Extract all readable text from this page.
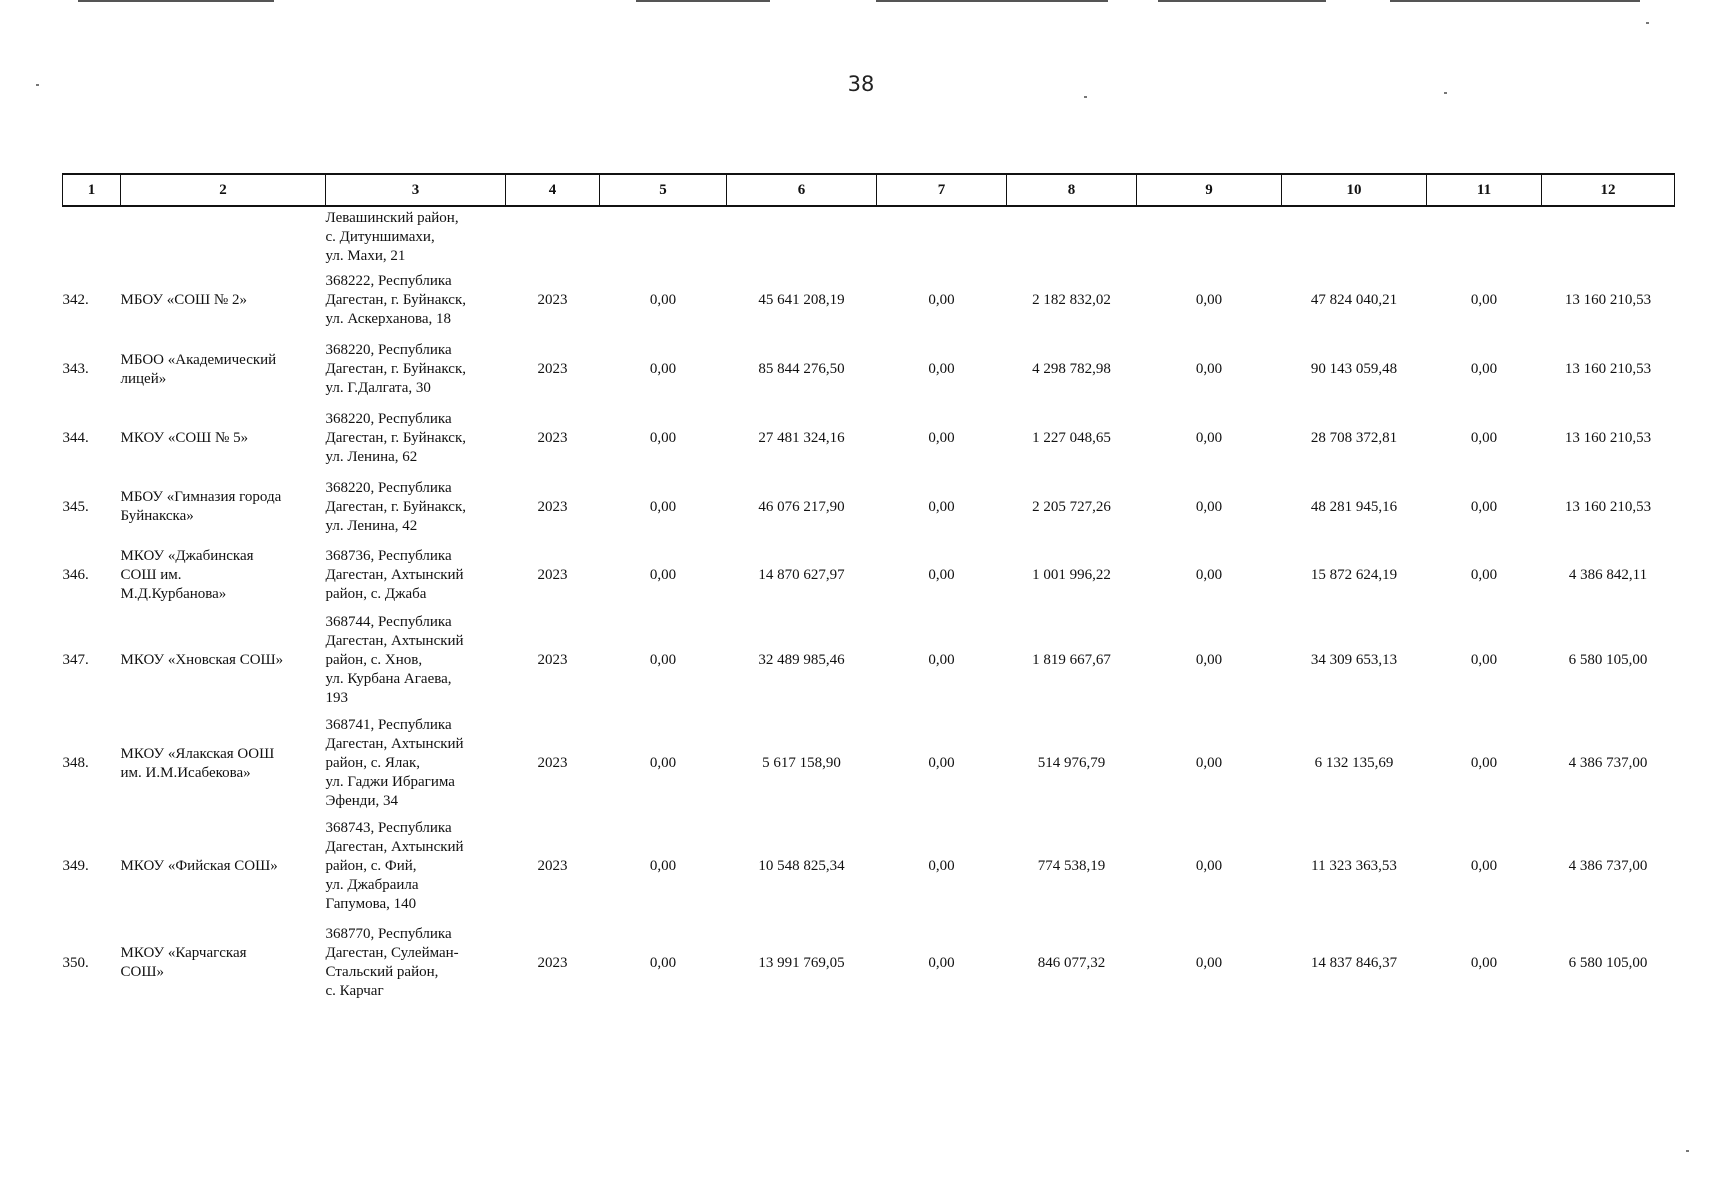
38
1	2	3	4	5	6	7	8	9	10	11	12

		Левашинский район,
с. Дитуншимахи,
ул. Махи, 21									

342.	МБОУ «СОШ № 2»	368222, Республика
Дагестан, г. Буйнакск,
ул. Аскерханова, 18	2023	0,00	45 641 208,19	0,00	2 182 832,02	0,00	47 824 040,21	0,00	13 160 210,53
343.	МБОО «Академический
лицей»	368220, Республика
Дагестан, г. Буйнакск,
ул. Г.Далгата, 30	2023	0,00	85 844 276,50	0,00	4 298 782,98	0,00	90 143 059,48	0,00	13 160 210,53
344.	МКОУ «СОШ № 5»	368220, Республика
Дагестан, г. Буйнакск,
ул. Ленина, 62	2023	0,00	27 481 324,16	0,00	1 227 048,65	0,00	28 708 372,81	0,00	13 160 210,53
345.	МБОУ «Гимназия города
Буйнакска»	368220, Республика
Дагестан, г. Буйнакск,
ул. Ленина, 42	2023	0,00	46 076 217,90	0,00	2 205 727,26	0,00	48 281 945,16	0,00	13 160 210,53
346.	МКОУ «Джабинская
СОШ им.
М.Д.Курбанова»	368736, Республика
Дагестан, Ахтынский
район, с. Джаба	2023	0,00	14 870 627,97	0,00	1 001 996,22	0,00	15 872 624,19	0,00	4 386 842,11
347.	МКОУ «Хновская СОШ»	368744, Республика
Дагестан, Ахтынский
район, с. Хнов,
ул. Курбана Агаева,
193	2023	0,00	32 489 985,46	0,00	1 819 667,67	0,00	34 309 653,13	0,00	6 580 105,00
348.	МКОУ «Ялакская ООШ
им. И.М.Исабекова»	368741, Республика
Дагестан, Ахтынский
район, с. Ялак,
ул. Гаджи Ибрагима
Эфенди, 34	2023	0,00	5 617 158,90	0,00	514 976,79	0,00	6 132 135,69	0,00	4 386 737,00
349.	МКОУ «Фийская СОШ»	368743, Республика
Дагестан, Ахтынский
район, с. Фий,
ул. Джабраила
Гапумова, 140	2023	0,00	10 548 825,34	0,00	774 538,19	0,00	11 323 363,53	0,00	4 386 737,00
350.	МКОУ «Карчагская
СОШ»	368770, Республика
Дагестан, Сулейман-
Стальский район,
с. Карчаг	2023	0,00	13 991 769,05	0,00	846 077,32	0,00	14 837 846,37	0,00	6 580 105,00
